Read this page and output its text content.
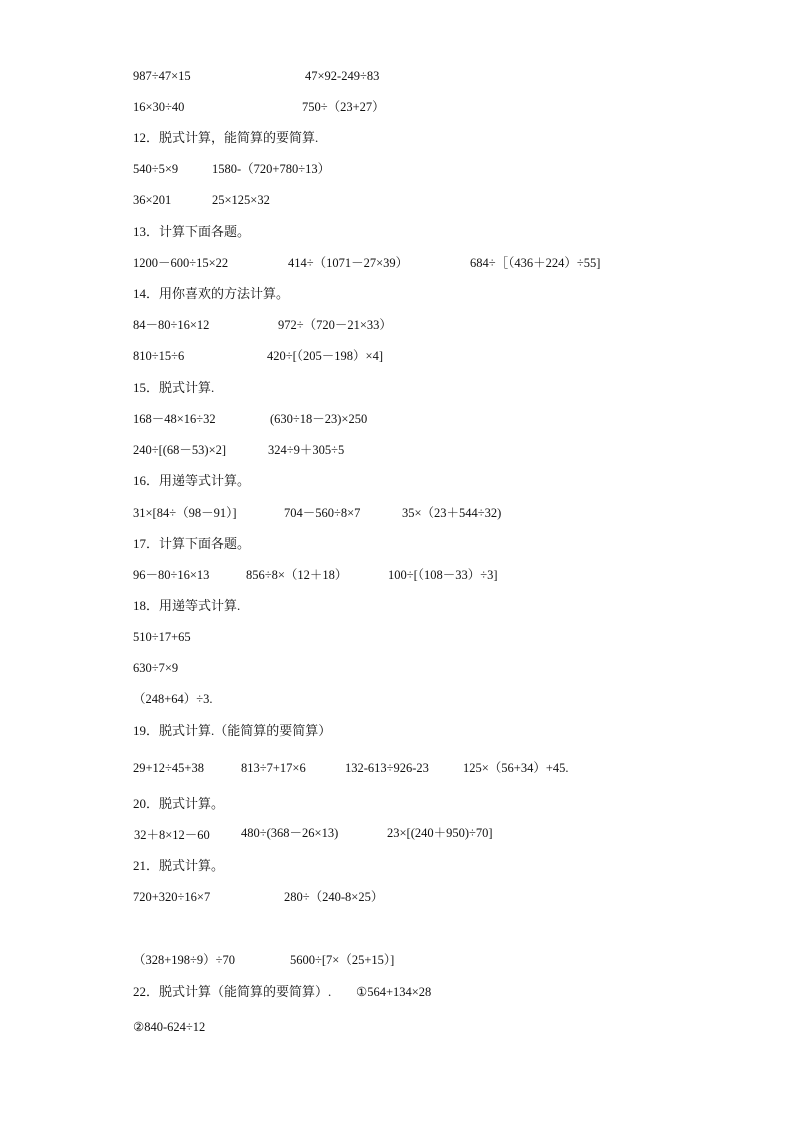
987÷47×15	47×92-249÷83
16×30÷40	750÷（23+27）
12．脱式计算，能简算的要简算.
540÷5×9	1580-（720+780÷13）
36×201	25×125×32
13．计算下面各题。
1200－600÷15×22	414÷（1071－27×39）	684÷［（436＋224）÷55]
14．用你喜欢的方法计算。
84－80÷16×12	972÷（720－21×33）
810÷15÷6	420÷[（205－198）×4]
15．脱式计算.
168－48×16÷32	(630÷18－23)×250
240÷[(68－53)×2]	324÷9＋305÷5
16．用递等式计算。
31×[84÷（98－91）]	704－560÷8×7	35×（23＋544÷32)
17．计算下面各题。
96－80÷16×13	856÷8×（12＋18）	100÷[（108－33）÷3]
18．用递等式计算.
510÷17+65
630÷7×9
（248+64）÷3.
19．脱式计算.（能简算的要简算）
29+12÷45+38	813÷7+17×6	132-613÷926-23	125×（56+34）+45.
20．脱式计算。
32＋8×12－60 480÷(368－26×13)	23×[(240＋950)÷70]
21．脱式计算。
720+320÷16×7	280÷（240-8×25）
（328+198÷9）÷70	5600÷[7×（25+15）]
22．脱式计算（能简算的要简算）. ①564+134×28
②840-624÷12
